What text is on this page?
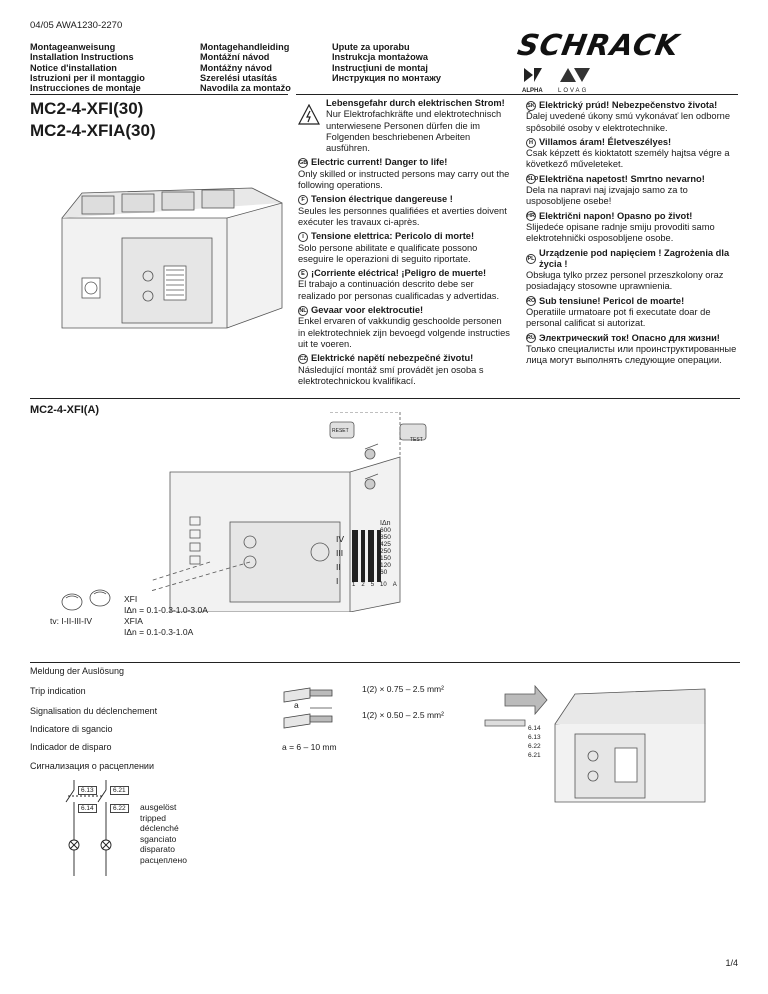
04/05 AWA1230-2270
Montageanweisung
Installation Instructions
Notice d'installation
Istruzioni per il montaggio
Instrucciones de montaje
Montagehandleiding
Montážní návod
Montážny návod
Szerelési utasítás
Navodila za montažo
Upute za uporabu
Instrukcja montażowa
Instrucţiuni de montaj
Инструкция по монтажу
SCHRACK
ALPHA	LOVAG
MC2-4-XFI(30)
MC2-4-XFIA(30)
Lebensgefahr durch elektrischen Strom!
Nur Elektrofachkräfte und elektrotechnisch unterwiesene Personen dürfen die im Folgenden beschriebenen Arbeiten ausführen.
GB Electric current! Danger to life!
Only skilled or instructed persons may carry out the following operations.
F Tension électrique dangereuse !
Seules les personnes qualifiées et averties doivent exécuter les travaux ci-après.
I Tensione elettrica: Pericolo di morte!
Solo persone abilitate e qualificate possono eseguire le operazioni di seguito riportate.
E ¡Corriente eléctrica! ¡Peligro de muerte!
El trabajo a continuación descrito debe ser realizado por personas cualificadas y advertidas.
NL Gevaar voor elektrocutie!
Enkel ervaren of vakkundig geschoolde personen in elektrotechniek zijn bevoegd volgende instructies uit te voeren.
CZ Elektrické napětí nebezpečné životu!
Následující montáž smí provádět jen osoba s elektrotechnickou kvalifikací.
SK Elektrický prúd! Nebezpečenstvo života!
Ďalej uvedené úkony smú vykonávať len odborne spôsobilé osoby v elektrotechnike.
H Villamos áram! Életveszélyes!
Csak képzett és kioktatott személy hajtsa végre a következő műveleteket.
SLO Električna napetost! Smrtno nevarno!
Dela na napravi naj izvajajo samo za to usposobljene osebe!
HR Električni napon! Opasno po život!
Slijedeće opisane radnje smiju provoditi samo elektrotehnički osposobljene osobe.
PL
Urządzenie pod napięciem ! Zagrożenia dla życia !
Obsługa tylko przez personel przeszkolony oraz posiadający stosowne uprawnienia.
RO Sub tensiune! Pericol de moarte!
Operatiile urmatoare pot fi executate doar de personal calificat si autorizat.
RU Электрический ток! Опасно для жизни!
Только специалисты или проинструктированные лица могут выполнять следующие операции.
MC2-4-XFI(A)
IV
III
II
I
IΔn
600
850
425
250
150
120
60
1 2 5 10 A
RESET
TEST
XFI
IΔn = 0.1-0.3-1.0-3.0A
XFIA
IΔn = 0.1-0.3-1.0A
tv: I-II-III-IV
Meldung der Auslösung
Trip indication
Signalisation du déclenchement
Indicatore di sgancio
Indicador de disparo
Сигнализация о расцеплении
1(2) × 0.75 – 2.5 mm²
1(2) × 0.50 – 2.5 mm²
a
a = 6 – 10 mm
6.14
6.13
6.22
6.21
6.13	6.21
6.14	6.22	ausgelöst
tripped
déclenché
sganciato
disparato
расцеплено
1/4
